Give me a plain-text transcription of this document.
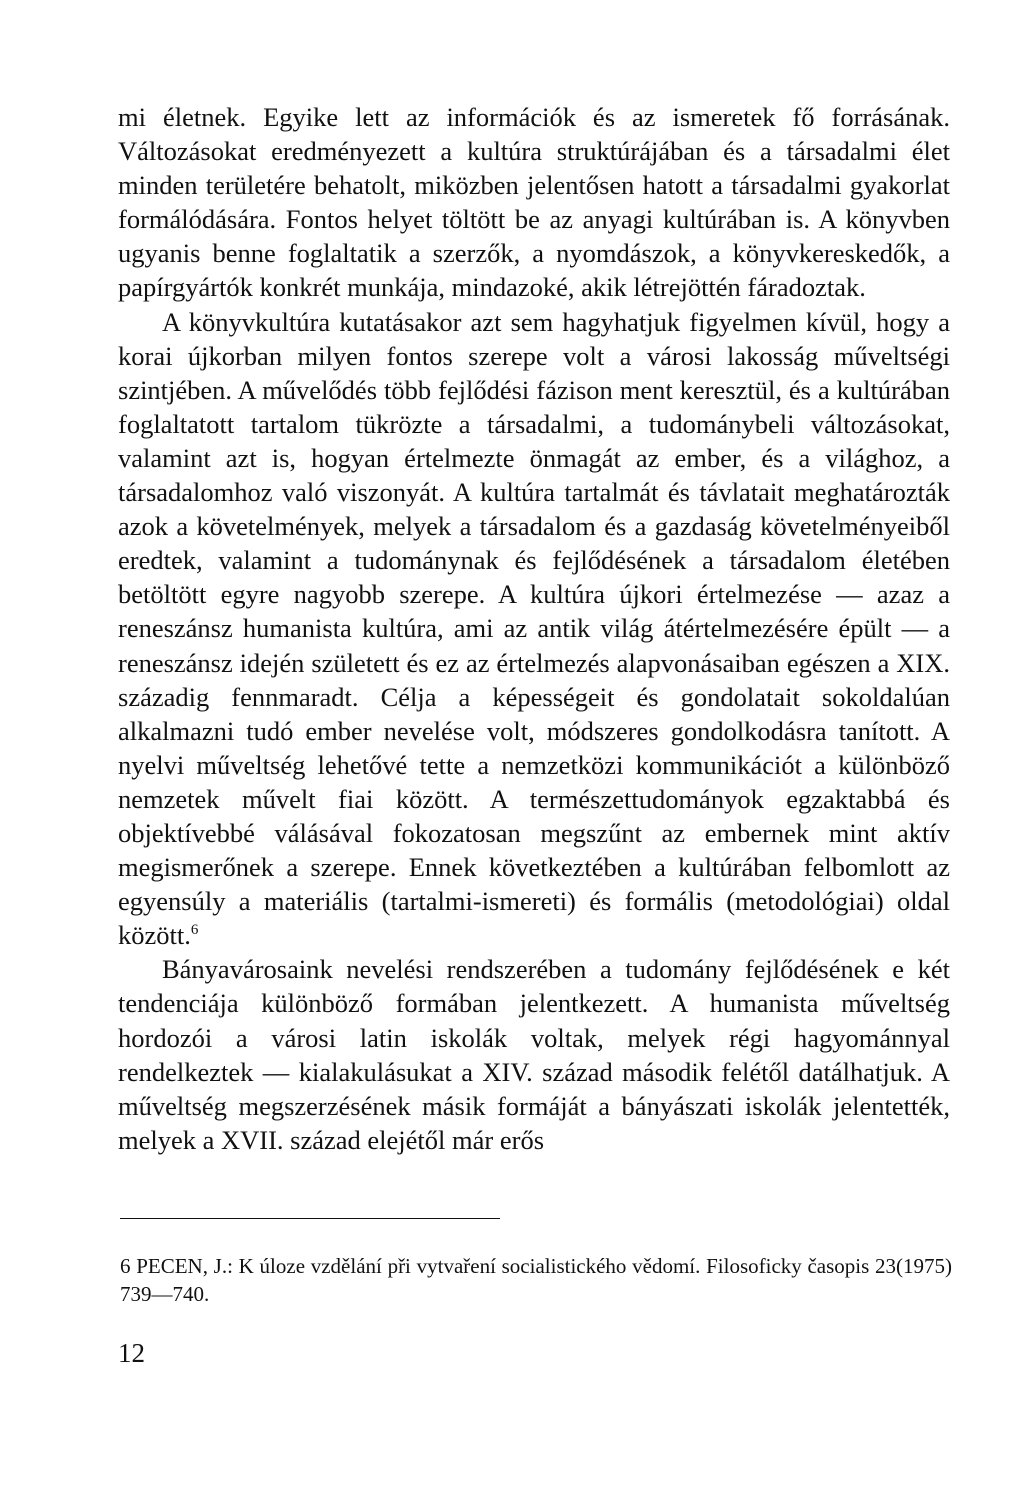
mi életnek. Egyike lett az információk és az ismeretek fő forrásának. Változásokat eredményezett a kultúra struktúrájában és a társadalmi élet minden területére behatolt, miközben jelentősen hatott a társadalmi gyakorlat formálódására. Fontos helyet töltött be az anyagi kultúrában is. A könyvben ugyanis benne foglaltatik a szerzők, a nyomdászok, a könyvkereskedők, a papírgyártók konkrét munkája, mindazoké, akik létrejöttén fáradoztak.

A könyvkultúra kutatásakor azt sem hagyhatjuk figyelmen kívül, hogy a korai újkorban milyen fontos szerepe volt a városi lakosság műveltségi szintjében. A művelődés több fejlődési fázison ment keresztül, és a kultúrában foglaltatott tartalom tükrözte a társadalmi, a tudománybeli változásokat, valamint azt is, hogyan értelmezte önmagát az ember, és a világhoz, a társadalomhoz való viszonyát. A kultúra tartalmát és távlatait meghatározták azok a követelmények, melyek a társadalom és a gazdaság követelményeiből eredtek, valamint a tudománynak és fejlődésének a társadalom életében betöltött egyre nagyobb szerepe. A kultúra újkori értelmezése — azaz a reneszánsz humanista kultúra, ami az antik világ átértelmezésére épült — a reneszánsz idején született és ez az értelmezés alapvonásaiban egészen a XIX. századig fennmaradt. Célja a képességeit és gondolatait sokoldalúan alkalmazni tudó ember nevelése volt, módszeres gondolkodásra tanított. A nyelvi műveltség lehetővé tette a nemzetközi kommunikációt a különböző nemzetek művelt fiai között. A természettudományok egzaktabbá és objektívebbé válásával fokozatosan megszűnt az embernek mint aktív megismerőnek a szerepe. Ennek következtében a kultúrában felbomlott az egyensúly a materiális (tartalmi-ismereti) és formális (metodológiai) oldal között.$^6$

Bányavárosaink nevelési rendszerében a tudomány fejlődésének e két tendenciája különböző formában jelentkezett. A humanista műveltség hordozói a városi latin iskolák voltak, melyek régi hagyománnyal rendelkeztek — kialakulásukat a XIV. század második felétől datálhatjuk. A műveltség megszerzésének másik formáját a bányászati iskolák jelentették, melyek a XVII. század elejétől már erős

6 PECEN, J.: K úloze vzdělání při vytvaření socialistického vědomí. Filosoficky časopis 23(1975) 739—740.

12
